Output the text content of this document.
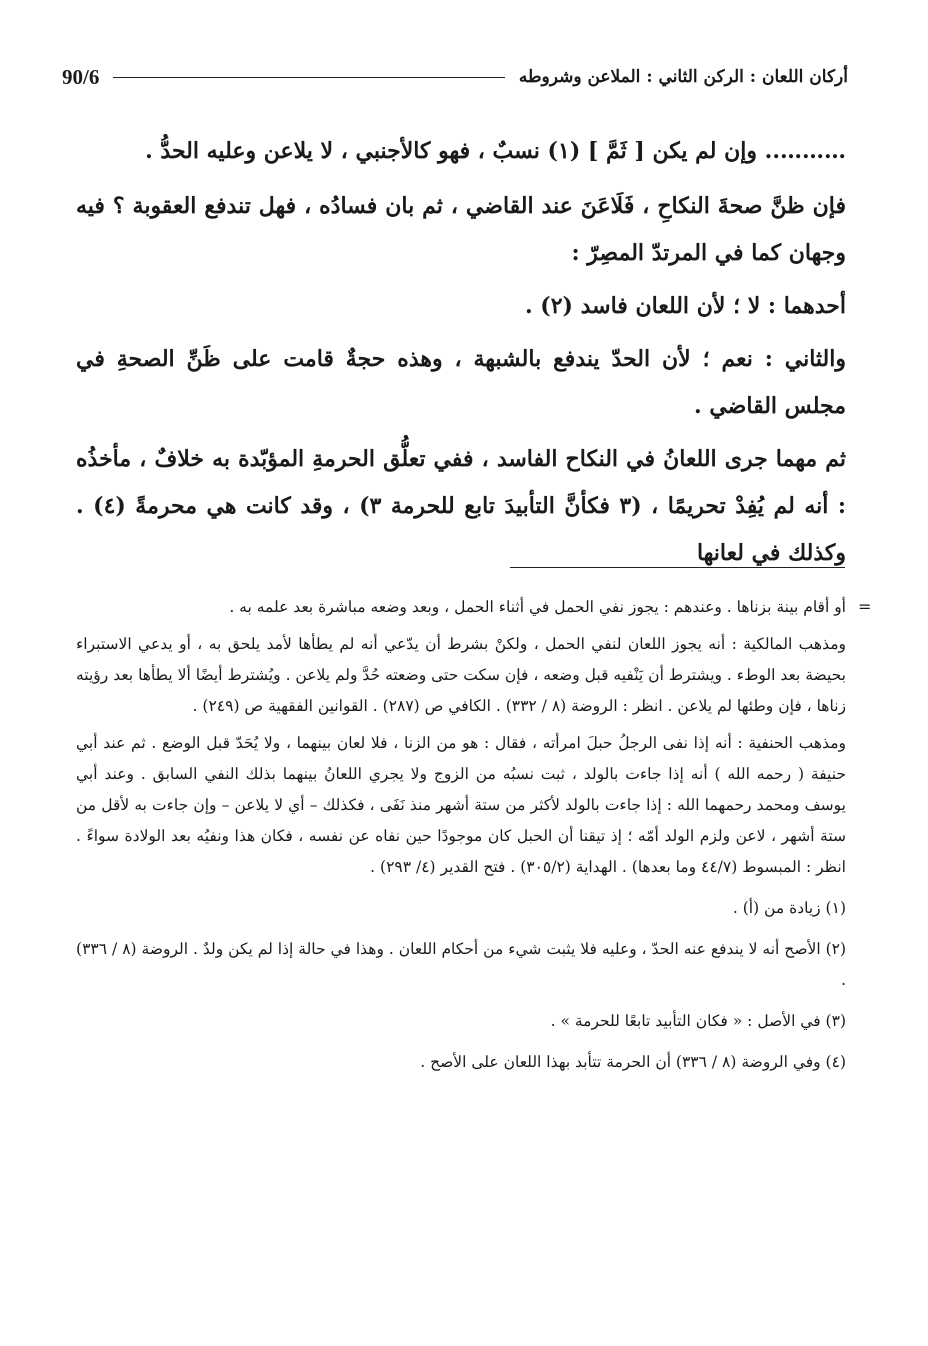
أركان اللعان : الركن الثاني : الملاعن وشروطه
90/6

……….. وإن لم يكن [ ثَمَّ ] (١) نسبٌ ، فهو كالأجنبي ، لا يلاعن وعليه الحدُّ .

فإن ظنَّ صحةَ النكاحِ ، فَلَاعَنَ عند القاضي ، ثم بان فسادُه ، فهل تندفع العقوبة ؟ فيه وجهان كما في المرتدّ المصِرّ :

أحدهما : لا ؛ لأن اللعان فاسد (٢) .

والثاني : نعم ؛ لأن الحدّ يندفع بالشبهة ، وهذه حجةٌ قامت على ظَنِّ الصحةِ في مجلس القاضي .

ثم مهما جرى اللعانُ في النكاح الفاسد ، ففي تعلُّق الحرمةِ المؤبّدة به خلافٌ ، مأخذُه : أنه لم يُفِدْ تحريمًا ، (٣ فكأنَّ التأبيدَ تابع للحرمة ٣) ، وقد كانت هي محرمةً (٤) . وكذلك في لعانها

=

أو أقام بينة بزناها . وعندهم : يجوز نفي الحمل في أثناء الحمل ، وبعد وضعه مباشرة بعد علمه به .

ومذهب المالكية : أنه يجوز اللعان لنفي الحمل ، ولكنْ بشرط أن يدّعي أنه لم يطأها لأمد يلحق به ، أو يدعي الاستبراء بحيضة بعد الوطء . ويشترط أن يَنْفيه قبل وضعه ، فإن سكت حتى وضعته حُدَّ ولم يلاعن . ويُشترط أيضًا ألا يطأها بعد رؤيته زناها ، فإن وطئها لم يلاعن . انظر : الروضة (٨ / ٣٣٢) . الكافي ص (٢٨٧) . القوانين الفقهية ص (٢٤٩) .

ومذهب الحنفية : أنه إذا نفى الرجلُ حبلَ امرأته ، فقال : هو من الزنا ، فلا لعان بينهما ، ولا يُحَدّ قبل الوضع . ثم عند أبي حنيفة ( رحمه الله ) أنه إذا جاءت بالولد ، ثبت نسبُه من الزوج ولا يجري اللعانُ بينهما بذلك النفي السابق . وعند أبي يوسف ومحمد رحمهما الله : إذا جاءت بالولد لأكثر من ستة أشهر منذ نَفَى ، فكذلك – أي لا يلاعن – وإن جاءت به لأقل من ستة أشهر ، لاعن ولزم الولد أمّه ؛ إذ تيقنا أن الحبل كان موجودًا حين نفاه عن نفسه ، فكان هذا ونفيُه بعد الولادة سواءً . انظر : المبسوط (٤٤/٧ وما بعدها) . الهداية (٣٠٥/٢) . فتح القدير (٤/ ٢٩٣) .

(١) زيادة من (أ) .

(٢) الأصح أنه لا يندفع عنه الحدّ ، وعليه فلا يثبت شيء من أحكام اللعان . وهذا في حالة إذا لم يكن ولدٌ . الروضة (٨ / ٣٣٦) .

(٣) في الأصل : « فكان التأبيد تابعًا للحرمة » .

(٤) وفي الروضة (٨ / ٣٣٦) أن الحرمة تتأبد بهذا اللعان على الأصح .
